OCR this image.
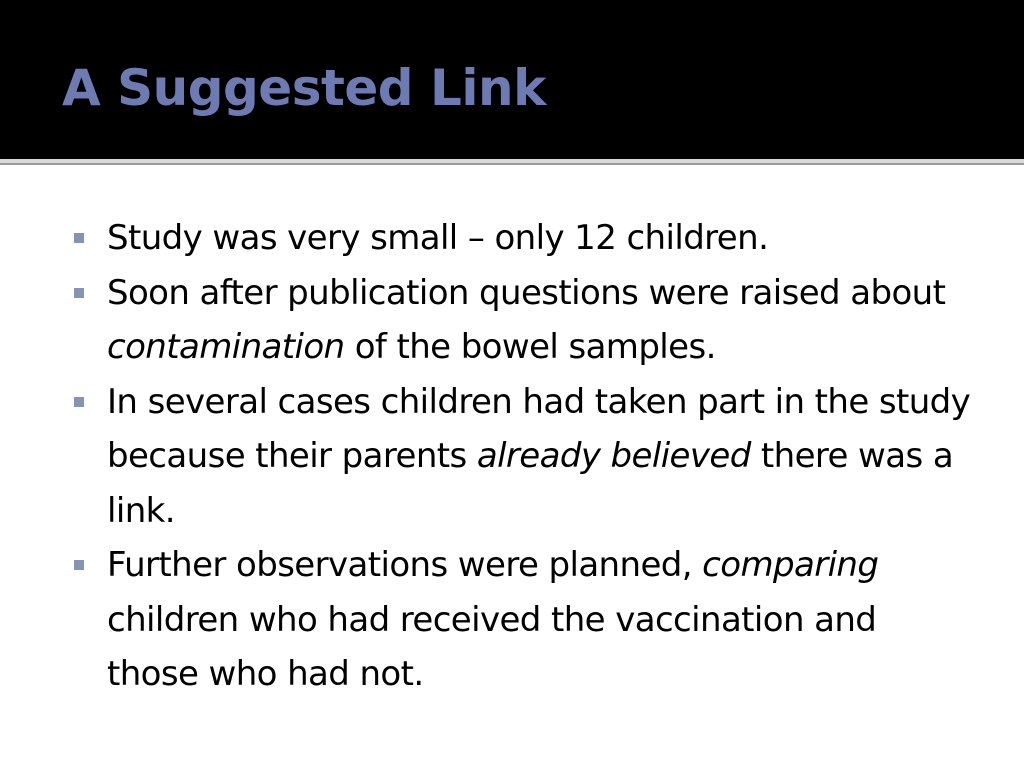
A Suggested Link
Study was very small – only 12 children.
Soon after publication questions were raised about contamination of the bowel samples.
In several cases children had taken part in the study because their parents already believed there was a link.
Further observations were planned, comparing children who had received the vaccination and those who had not.
